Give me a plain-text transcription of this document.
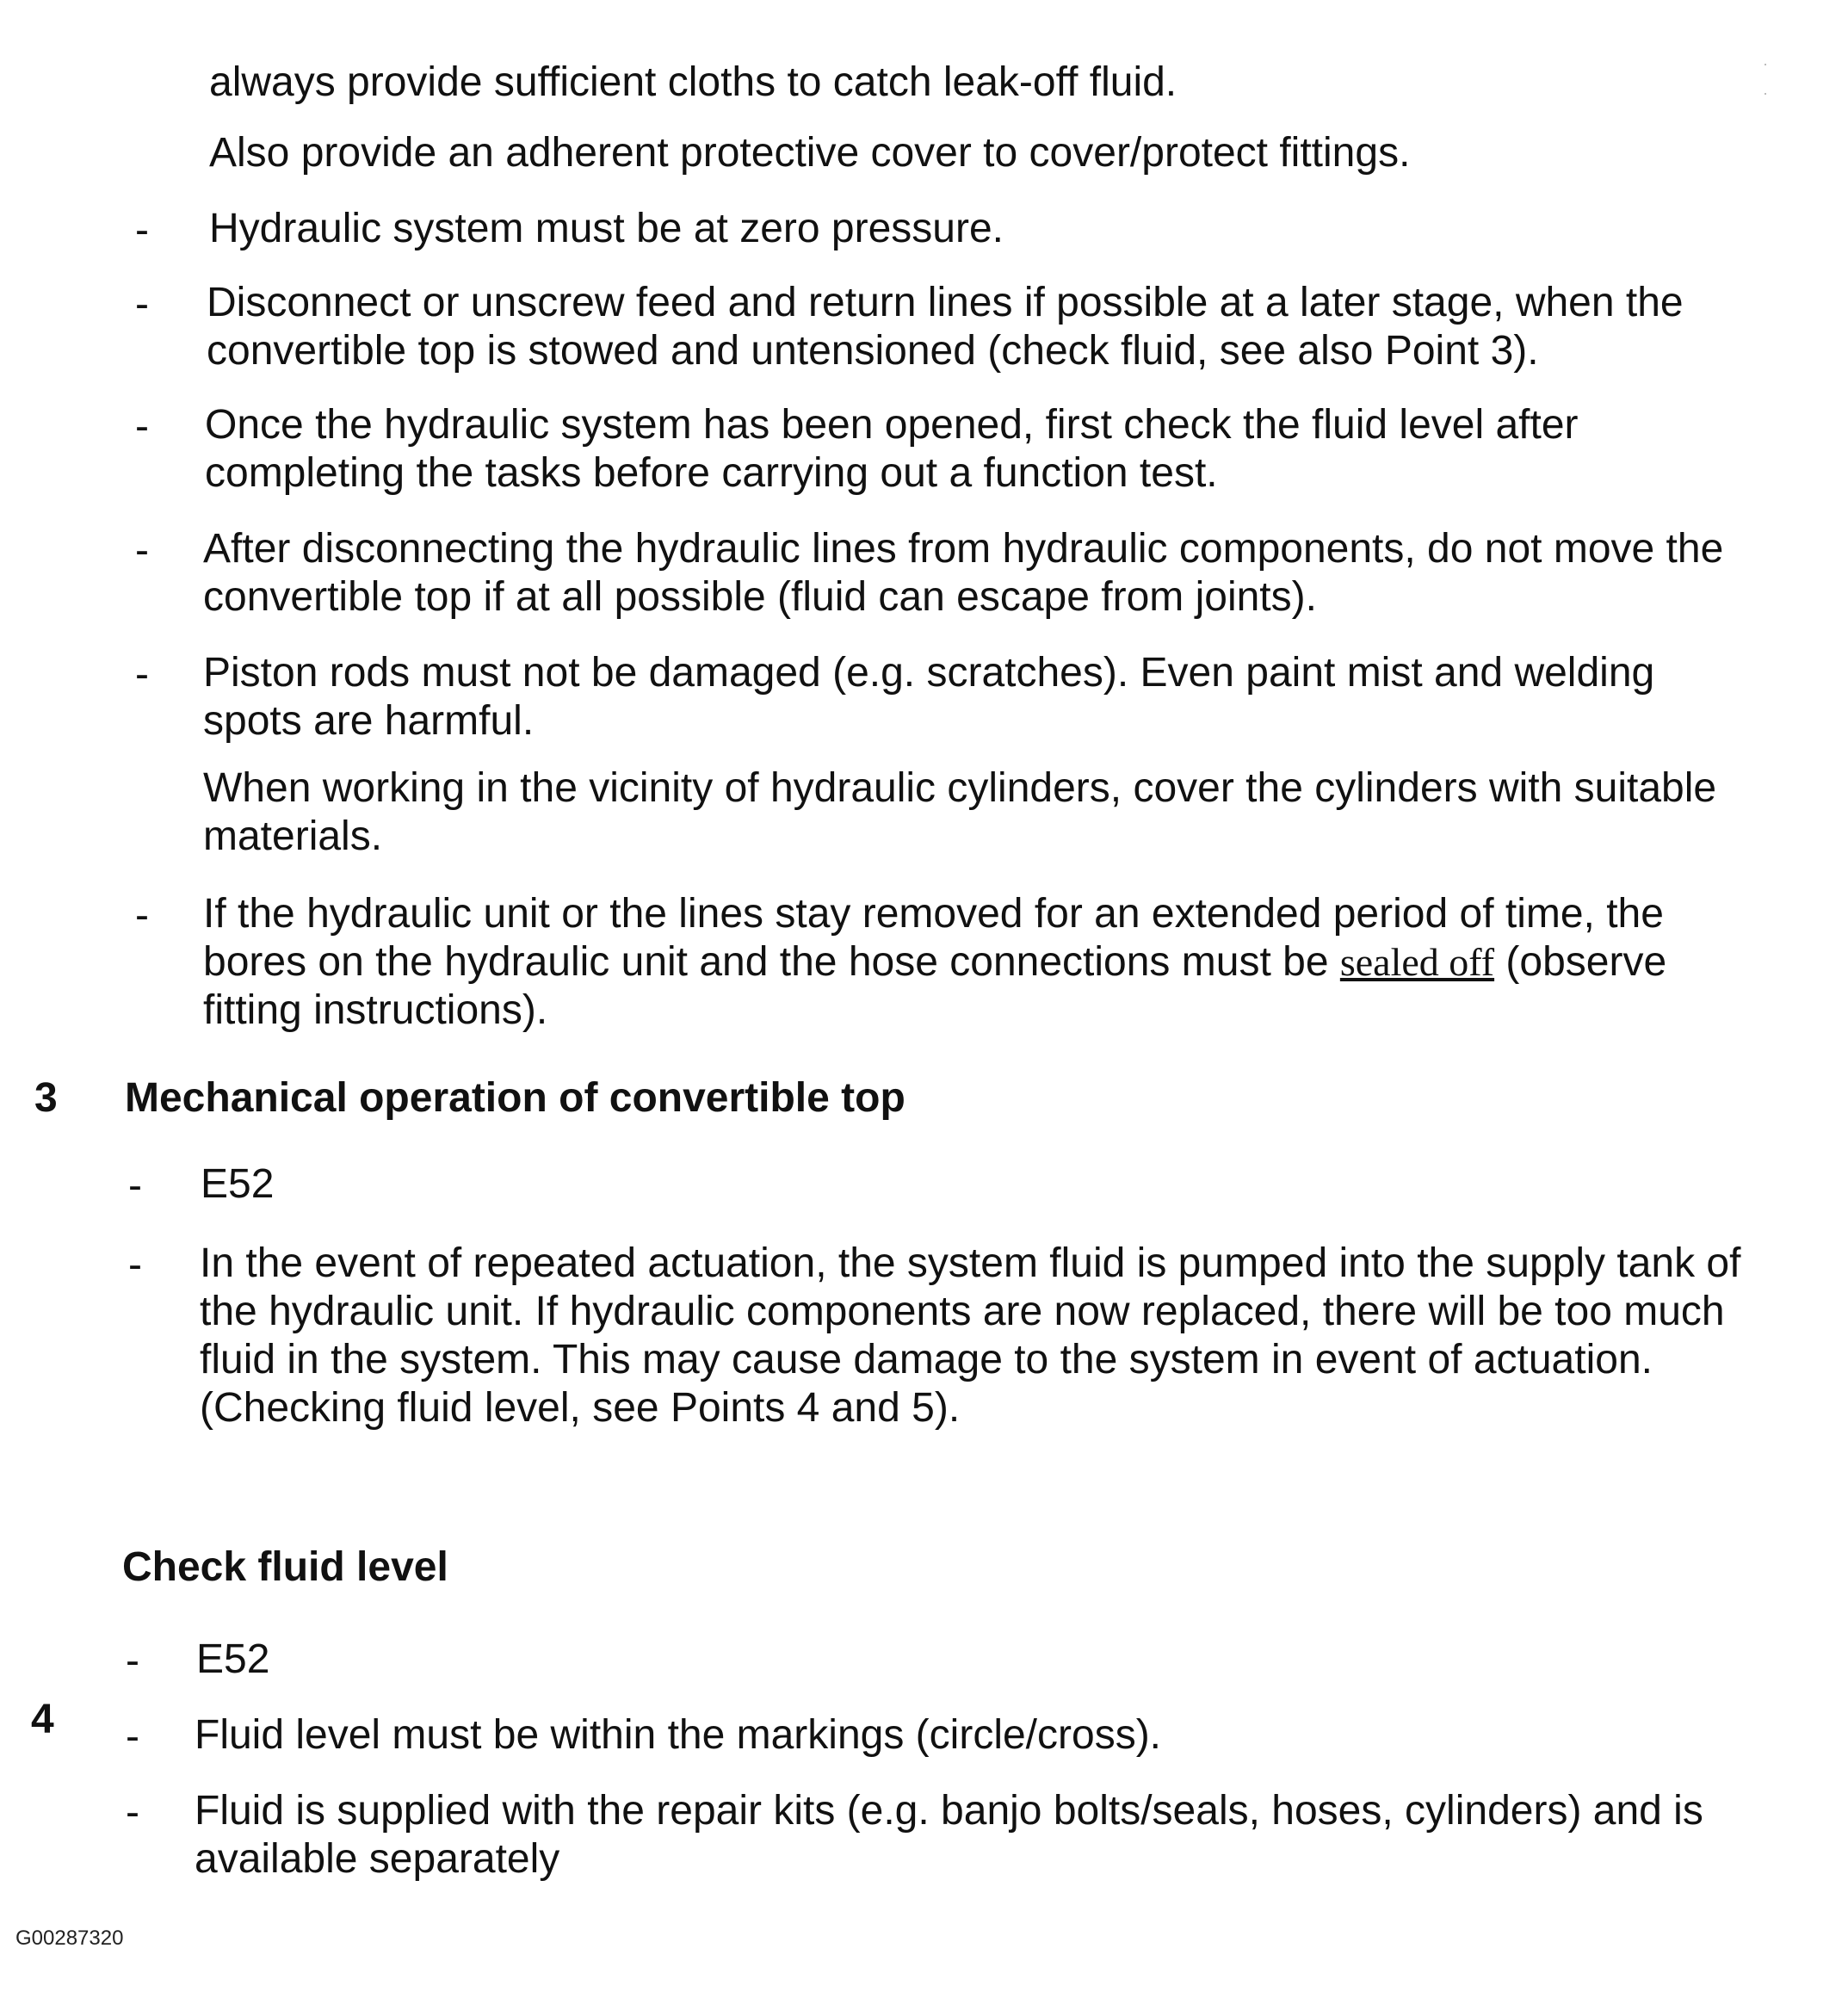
always provide sufficient cloths to catch leak-off fluid.

Also provide an adherent protective cover to cover/protect fittings.

- Hydraulic system must be at zero pressure.

- Disconnect or unscrew feed and return lines if possible at a later stage, when the
convertible top is stowed and untensioned (check fluid, see also Point 3).

- Once the hydraulic system has been opened, first check the fluid level after
completing the tasks before carrying out a function test.

- After disconnecting the hydraulic lines from hydraulic components, do not move the
convertible top if at all possible (fluid can escape from joints).

- Piston rods must not be damaged (e.g. scratches). Even paint mist and welding
spots are harmful.

When working in the vicinity of hydraulic cylinders, cover the cylinders with suitable
materials.

- If the hydraulic unit or the lines stay removed for an extended period of time, the
bores on the hydraulic unit and the hose connections must be sealed off (observe
fitting instructions).

3 Mechanical operation of convertible top
- E52

- In the event of repeated actuation, the system fluid is pumped into the supply tank of
the hydraulic unit. If hydraulic components are now replaced, there will be too much
fluid in the system. This may cause damage to the system in event of actuation.
(Checking fluid level, see Points 4 and 5).

Check fluid level
- E52

4 - Fluid level must be within the markings (circle/cross).

- Fluid is supplied with the repair kits (e.g. banjo bolts/seals, hoses, cylinders) and is
available separately

G00287320
